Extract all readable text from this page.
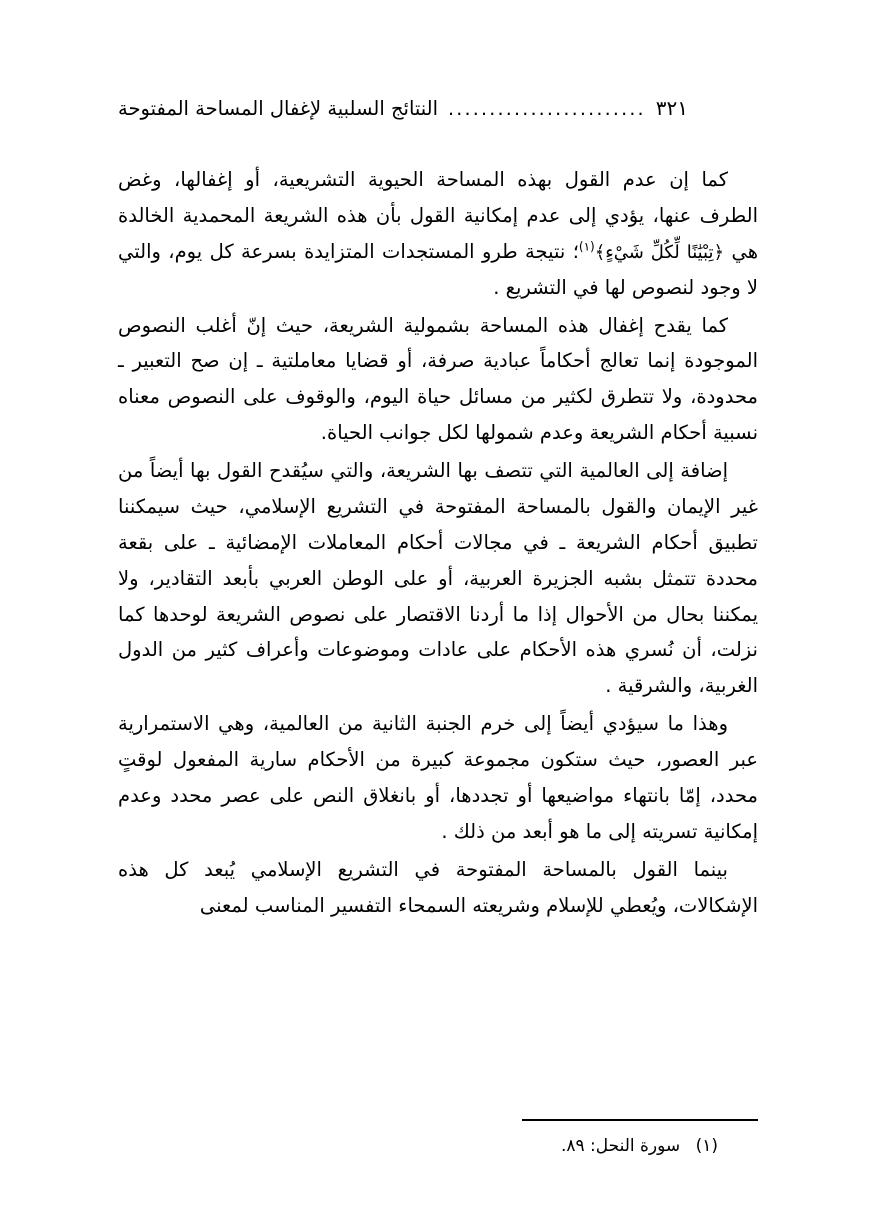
النتائج السلبية لإغفال المساحة المفتوحة ........................ ٣٢١

كما إن عدم القول بهذه المساحة الحيوية التشريعية، أو إغفالها، وغض الطرف عنها، يؤدي إلى عدم إمكانية القول بأن هذه الشريعة المحمدية الخالدة هي ﴿تِبْيَٰنًا لِّكُلِّ شَيْءٍ﴾$^{(١)}$؛ نتيجة طرو المستجدات المتزايدة بسرعة كل يوم، والتي لا وجود لنصوص لها في التشريع .

كما يقدح إغفال هذه المساحة بشمولية الشريعة، حيث إنّ أغلب النصوص الموجودة إنما تعالج أحكاماً عبادية صرفة، أو قضايا معاملتية ـ إن صح التعبير ـ محدودة، ولا تتطرق لكثير من مسائل حياة اليوم، والوقوف على النصوص معناه نسبية أحكام الشريعة وعدم شمولها لكل جوانب الحياة.

إضافة إلى العالمية التي تتصف بها الشريعة، والتي سيُقدح القول بها أيضاً من غير الإيمان والقول بالمساحة المفتوحة في التشريع الإسلامي، حيث سيمكننا تطبيق أحكام الشريعة ـ في مجالات أحكام المعاملات الإمضائية ـ على بقعة محددة تتمثل بشبه الجزيرة العربية، أو على الوطن العربي بأبعد التقادير، ولا يمكننا بحال من الأحوال إذا ما أردنا الاقتصار على نصوص الشريعة لوحدها كما نزلت، أن نُسري هذه الأحكام على عادات وموضوعات وأعراف كثير من الدول الغربية، والشرقية .

وهذا ما سيؤدي أيضاً إلى خرم الجنبة الثانية من العالمية، وهي الاستمرارية عبر العصور، حيث ستكون مجموعة كبيرة من الأحكام سارية المفعول لوقتٍ محدد، إمّا بانتهاء مواضيعها أو تجددها، أو بانغلاق النص على عصر محدد وعدم إمكانية تسريته إلى ما هو أبعد من ذلك .

بينما القول بالمساحة المفتوحة في التشريع الإسلامي يُبعد كل هذه الإشكالات، ويُعطي للإسلام وشريعته السمحاء التفسير المناسب لمعنى

(١) سورة النحل: ٨٩.
